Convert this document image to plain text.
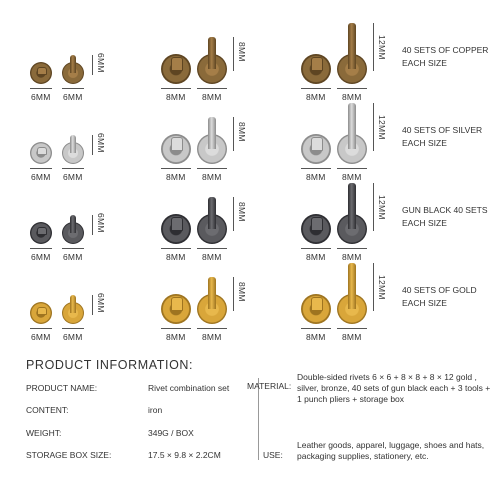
6MM
6MM 6MM
8MM
8MM 8MM
12MM
8MM 8MM
40 SETS OF COPPER EACH SIZE
6MM
6MM 6MM
8MM
8MM 8MM
12MM
8MM 8MM
40 SETS OF SILVER EACH SIZE
6MM
6MM 6MM
8MM
8MM 8MM
12MM
8MM 8MM
GUN BLACK 40 SETS EACH SIZE
6MM
6MM 6MM
8MM
8MM 8MM
12MM
8MM 8MM
40 SETS OF GOLD EACH SIZE
PRODUCT INFORMATION:
PRODUCT NAME:	Rivet combination set
CONTENT:	iron
WEIGHT:	349G / BOX
STORAGE BOX SIZE:	17.5 × 9.8 × 2.2CM
MATERIAL:
Double-sided rivets 6 × 6 + 8 × 8 + 8 × 12 gold , silver, bronze, 40 sets of gun black each + 3 tools + 1 punch pliers + storage box
USE:
Leather goods, apparel, luggage, shoes and hats, packaging supplies, stationery, etc.
